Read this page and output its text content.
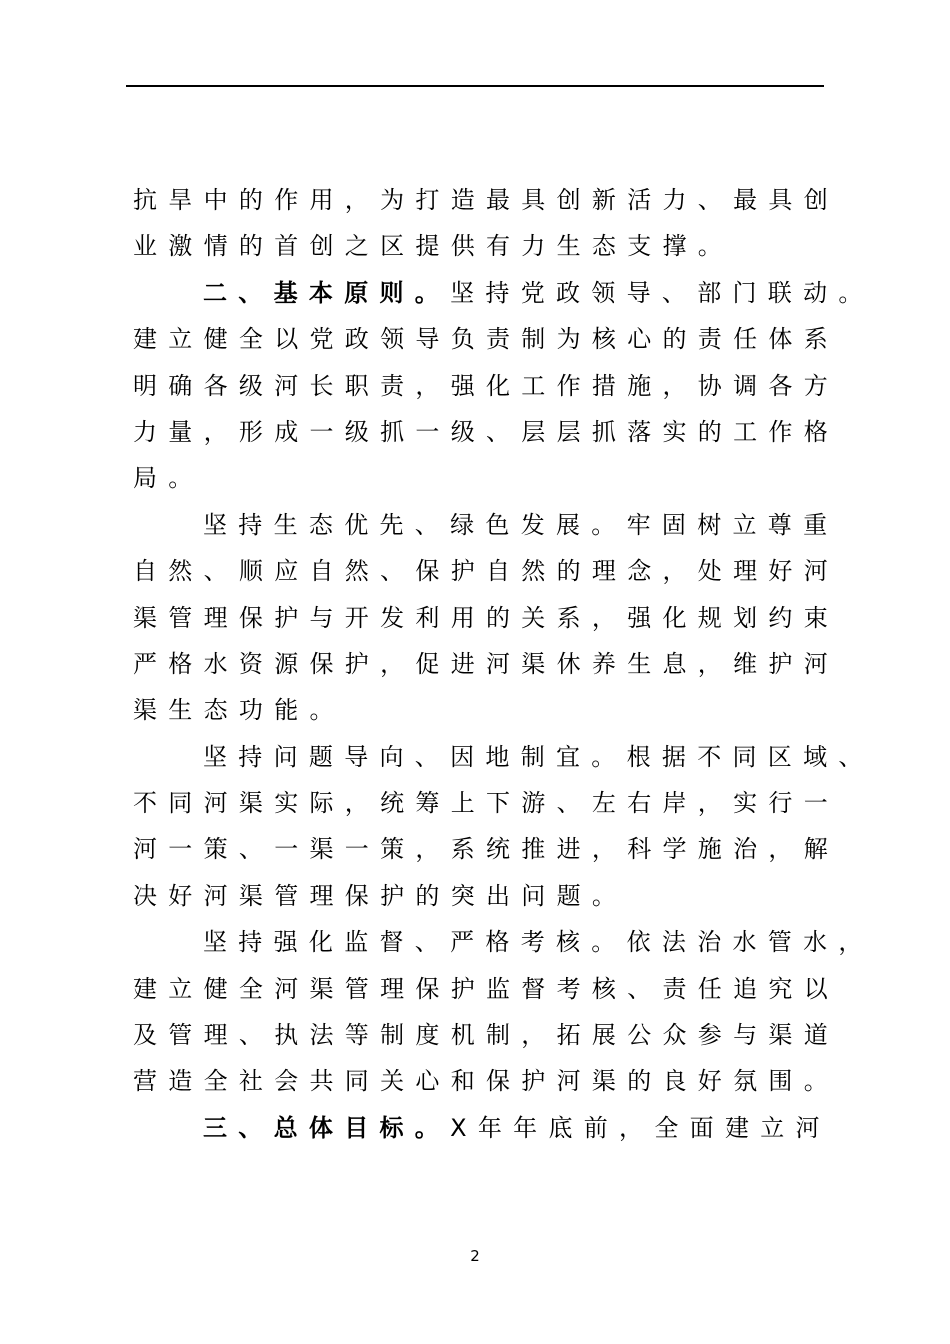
抗旱中的作用，为打造最具创新活力、最具创
业激情的首创之区提供有力生态支撑。
二、基本原则。坚持党政领导、部门联动。
建立健全以党政领导负责制为核心的责任体系
明确各级河长职责，强化工作措施，协调各方
力量，形成一级抓一级、层层抓落实的工作格
局。
坚持生态优先、绿色发展。牢固树立尊重
自然、顺应自然、保护自然的理念，处理好河
渠管理保护与开发利用的关系，强化规划约束
严格水资源保护，促进河渠休养生息，维护河
渠生态功能。
坚持问题导向、因地制宜。根据不同区域、
不同河渠实际，统筹上下游、左右岸，实行一
河一策、一渠一策，系统推进，科学施治，解
决好河渠管理保护的突出问题。
坚持强化监督、严格考核。依法治水管水，
建立健全河渠管理保护监督考核、责任追究以
及管理、执法等制度机制，拓展公众参与渠道
营造全社会共同关心和保护河渠的良好氛围。
三、总体目标。X年年底前，全面建立河
2
